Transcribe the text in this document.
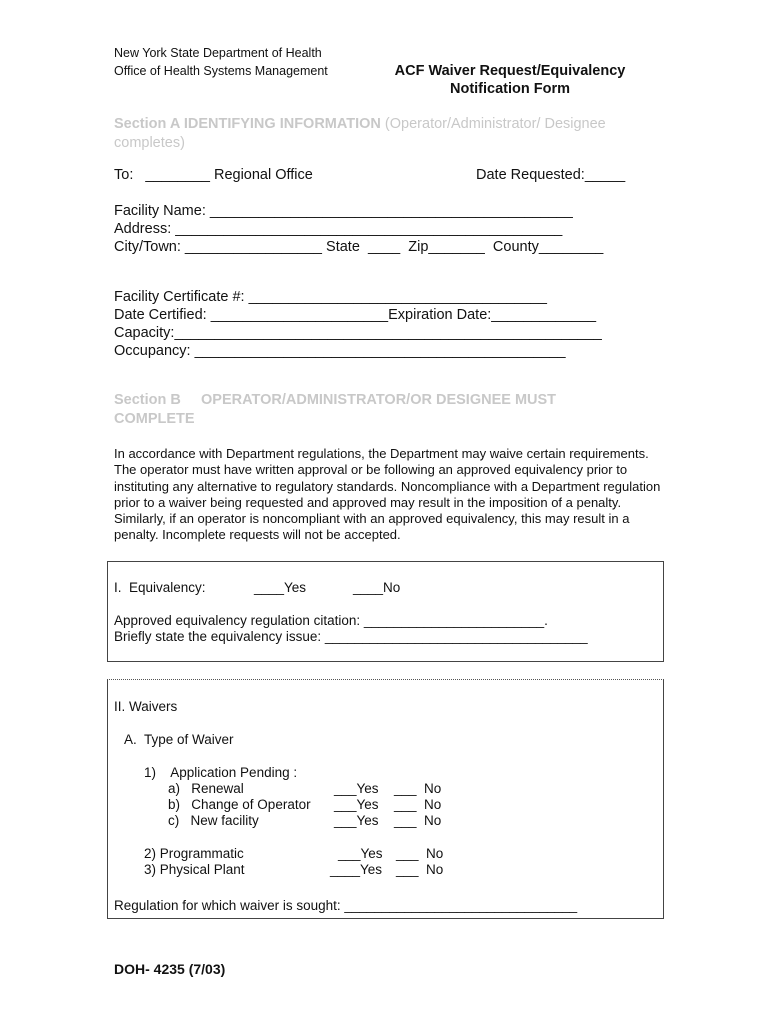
New York State Department of Health
Office of Health Systems Management	ACF Waiver Request/Equivalency
Notification Form
Section A IDENTIFYING INFORMATION (Operator/Administrator/ Designee
completes)
To:   ________ Regional Office	Date Requested:_____
Facility Name: _____________________________________________
Address: ________________________________________________
City/Town: _________________ State  ____  Zip_______  County________
Facility Certificate #: _____________________________________
Date Certified: ______________________Expiration Date:_____________
Capacity:_____________________________________________________
Occupancy: ______________________________________________
Section B     OPERATOR/ADMINISTRATOR/OR DESIGNEE MUST
COMPLETE
In accordance with Department regulations, the Department may waive certain requirements. The operator must have written approval or be following an approved equivalency prior to instituting any alternative to regulatory standards. Noncompliance with a Department regulation prior to a waiver being requested and approved may result in the imposition of a penalty. Similarly, if an operator is noncompliant with an approved equivalency, this may result in a penalty. Incomplete requests will not be accepted.
I.  Equivalency:	____Yes	____No
Approved equivalency regulation citation: ________________________.
Briefly state the equivalency issue: ___________________________________
II. Waivers
A.  Type of Waiver
1)    Application Pending :
a)   Renewal	___Yes ___  No
b)   Change of Operator ___Yes ___  No
c)   New facility	___Yes ___  No
2) Programmatic	___Yes ___  No
3) Physical Plant	____Yes ___  No
Regulation for which waiver is sought: _______________________________
DOH- 4235 (7/03)
